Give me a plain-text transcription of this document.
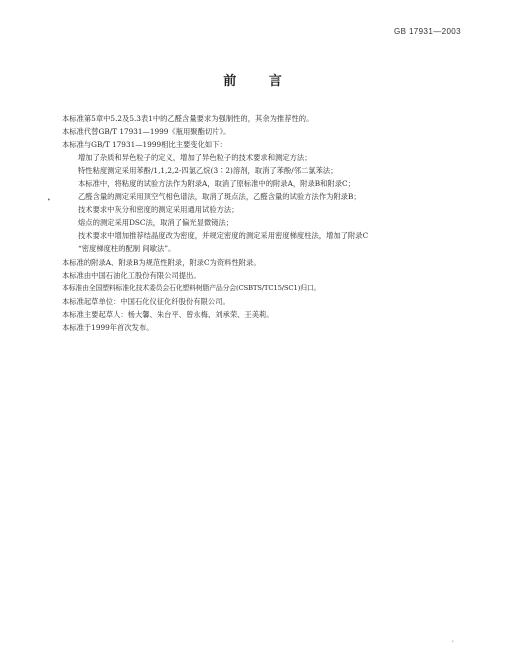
GB 17931—2003
前 言
•
本标准第5章中5.2及5.3表1中的乙醛含量要求为强制性的，其余为推荐性的。
本标准代替GB/T 17931—1999《瓶用聚酯切片》。
本标准与GB/T 17931—1999相比主要变化如下：
增加了杂质和异色粒子的定义，增加了异色粒子的技术要求和测定方法；
特性粘度测定采用苯酚/1,1,2,2-四氯乙烷(3∶2)溶剂，取消了苯酚/邻二氯苯法；
本标准中，将粘度的试验方法作为附录A，取消了原标准中的附录A，附录B和附录C；
乙醛含量的测定采用顶空气相色谱法，取消了斑点法，乙醛含量的试验方法作为附录B；
技术要求中灰分和密度的测定采用通用试验方法；
熔点的测定采用DSC法，取消了偏光显微镜法；
技术要求中增加推荐结晶度改为密度，并规定密度的测定采用密度梯度柱法，增加了附录C
“密度梯度柱的配制 间歇法”。
本标准的附录A、附录B为规范性附录，附录C为资料性附录。
本标准由中国石油化工股份有限公司提出。
本标准由全国塑料标准化技术委员会石化塑料树脂产品分会(CSBTS/TC15/SC1)归口。
本标准起草单位：中国石化仪征化纤股份有限公司。
本标准主要起草人：杨大馨、朱台平、曾永梅、刘承荣、王美莉。
本标准于1999年首次发布。
,
